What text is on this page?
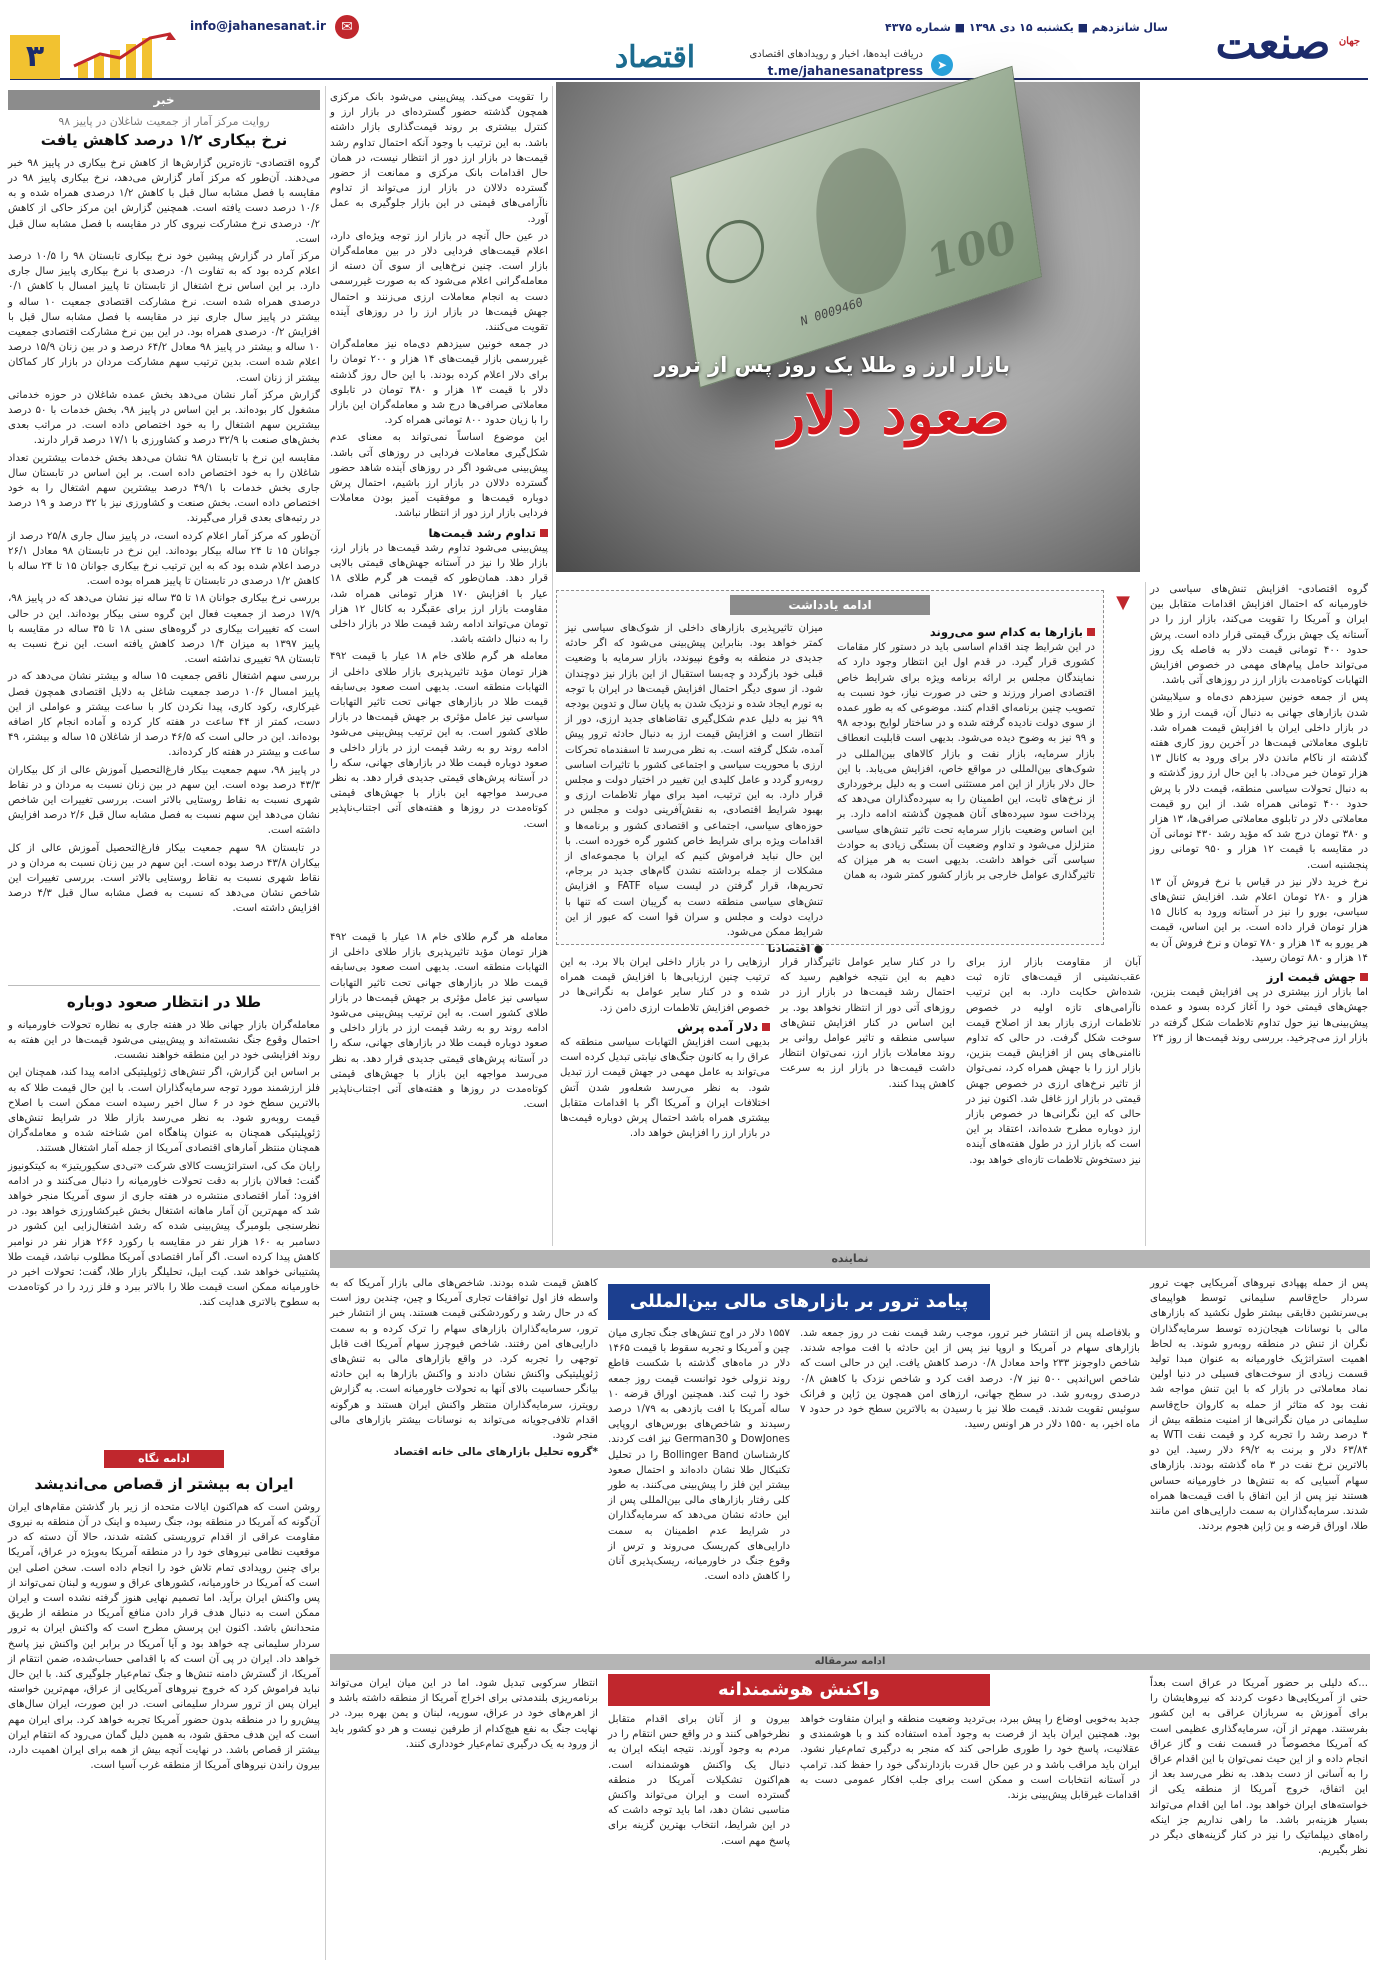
صنعت جهان
سال شانزدهم ■ یکشنبه ۱۵ دی ۱۳۹۸ ■ شماره ۴۳۷۵
اقتصاد	دریافت ایده‌ها، اخبار و رویدادهای اقتصادی
t.me/jahanesanatpress	➤
info@jahanesanat.ir	✉
۳
0009460 N
100
بازار ارز و طلا یک روز پس از ترور
صعود دلار

گروه اقتصادی- افزایش تنش‌های سیاسی در خاورمیانه که احتمال افزایش اقدامات متقابل بین ایران و آمریکا را تقویت می‌کند، بازار ارز را در آستانه یک جهش بزرگ قیمتی قرار داده است. پرش حدود ۴۰۰ تومانی قیمت دلار به فاصله یک روز می‌تواند حامل پیام‌های مهمی در خصوص افزایش التهابات کوتاه‌مدت بازار ارز در روزهای آتی باشد.

پس از جمعه خونین سیزدهم دی‌ماه و سیلابیشن شدن بازارهای جهانی به دنبال آن، قیمت ارز و طلا در بازار داخلی ایران با افزایش قیمت همراه شد. تابلوی معاملاتی قیمت‌ها در آخرین روز کاری هفته گذشته از ناکام ماندن دلار برای ورود به کانال ۱۳ هزار تومان خبر می‌داد. با این حال ارز روز گذشته و به دنبال تحولات سیاسی منطقه، قیمت دلار با پرش حدود ۴۰۰ تومانی همراه شد. از این رو قیمت معاملاتی دلار در تابلوی معاملاتی صرافی‌ها، ۱۳ هزار و ۳۸۰ تومان درج شد که مؤید رشد ۴۳۰ تومانی آن در مقایسه با قیمت ۱۲ هزار و ۹۵۰ تومانی روز پنجشنبه است.

نرخ خرید دلار نیز در قیاس با نرخ فروش آن ۱۳ هزار و ۲۸۰ تومان اعلام شد. افزایش تنش‌های سیاسی، بورو را نیز در آستانه ورود به کانال ۱۵ هزار تومان قرار داده است. بر این اساس، قیمت هر یورو به ۱۴ هزار و ۷۸۰ تومان و نرخ فروش آن به ۱۴ هزار و ۸۸۰ تومان رسید.

جهش قیمت ارز

اما بازار ارز بیشتری در پی افزایش قیمت بنزین، جهش‌های قیمتی خود را آغاز کرده بسود و عمده پیش‌بینی‌ها نیز حول تداوم تلاطمات شکل گرفته در بازار ارز می‌چرخید. بررسی روند قیمت‌ها از روز ۲۴

را تقویت می‌کند. پیش‌بینی می‌شود بانک مرکزی همچون گذشته حضور گسترده‌ای در بازار ارز و کنترل بیشتری بر روند قیمت‌گذاری بازار داشته باشد. به این ترتیب با وجود آنکه احتمال تداوم رشد قیمت‌ها در بازار ارز دور از انتظار نیست، در همان حال اقدامات بانک مرکزی و ممانعت از حضور گسترده دلالان در بازار ارز می‌تواند از تداوم ناآرامی‌های قیمتی در این بازار جلوگیری به عمل آورد.

در عین حال آنچه در بازار ارز توجه ویژه‌ای دارد، اعلام قیمت‌های فردایی دلار در بین معامله‌گران بازار است. چنین نرخ‌هایی از سوی آن دسته از معامله‌گرانی اعلام می‌شود که به صورت غیررسمی دست به انجام معاملات ارزی می‌زنند و احتمال جهش قیمت‌ها در بازار ارز را در روزهای آینده تقویت می‌کنند.

در جمعه خونین سیزدهم دی‌ماه نیز معامله‌گران غیررسمی بازار قیمت‌های ۱۴ هزار و ۲۰۰ تومان را برای دلار اعلام کرده بودند. با این حال روز گذشته دلار با قیمت ۱۳ هزار و ۳۸۰ تومان در تابلوی معاملاتی صرافی‌ها درج شد و معامله‌گران این بازار را با زیان حدود ۸۰۰ تومانی همراه کرد.

این موضوع اساساً نمی‌تواند به معنای عدم شکل‌گیری معاملات فردایی در روزهای آتی باشد. پیش‌بینی می‌شود اگر در روزهای آینده شاهد حضور گسترده دلالان در بازار ارز باشیم، احتمال پرش دوباره قیمت‌ها و موفقیت آمیز بودن معاملات فردایی بازار ارز دور از انتظار نباشد.

تداوم رشد قیمت‌ها

پیش‌بینی می‌شود تداوم رشد قیمت‌ها در بازار ارز، بازار طلا را نیز در آستانه جهش‌های قیمتی بالایی قرار دهد. همان‌طور که قیمت هر گرم طلای ۱۸ عیار با افزایش ۱۷۰ هزار تومانی همراه شد، مقاومت بازار ارز برای عقبگرد به کانال ۱۲ هزار تومان می‌تواند ادامه رشد قیمت طلا در بازار داخلی را به دنبال داشته باشد.

معامله هر گرم طلای خام ۱۸ عیار با قیمت ۴۹۲ هزار تومان مؤید تاثیرپذیری بازار طلای داخلی از التهابات منطقه است. بدیهی است صعود بی‌سابقه قیمت طلا در بازارهای جهانی تحت تاثیر التهابات سیاسی نیز عامل مؤثری بر جهش قیمت‌ها در بازار طلای کشور است. به این ترتیب پیش‌بینی می‌شود ادامه روند رو به رشد قیمت ارز در بازار داخلی و صعود دوباره قیمت طلا در بازارهای جهانی، سکه را در آستانه پرش‌های قیمتی جدیدی قرار دهد. به نظر می‌رسد مواجهه این بازار با جهش‌های قیمتی کوتاه‌مدت در روزها و هفته‌های آتی اجتناب‌ناپذیر است.

▼
ادامه یادداشت
بازارها به کدام سو می‌روند

در این شرایط چند اقدام اساسی باید در دستور کار مقامات کشوری قرار گیرد. در قدم اول این انتظار وجود دارد که نمایندگان مجلس بر ارائه برنامه ویژه برای شرایط خاص اقتصادی اصرار ورزند و حتی در صورت نیاز، خود نسبت به تصویب چنین برنامه‌ای اقدام کنند. موضوعی که به طور عمده از سوی دولت نادیده گرفته شده و در ساختار لوایح بودجه ۹۸ و ۹۹ نیز به وضوح دیده می‌شود. بدیهی است قابلیت انعطاف بازار سرمایه، بازار نفت و بازار کالاهای بین‌المللی در شوک‌های بین‌المللی در مواقع خاص، افزایش می‌یابد. با این حال دلار بازار از این امر مستثنی است و به دلیل برخورداری از نرخ‌های ثابت، این اطمینان را به سپرده‌گذاران می‌دهد که پرداخت سود سپرده‌های آنان همچون گذشته ادامه دارد. بر این اساس وضعیت بازار سرمایه تحت تاثیر تنش‌های سیاسی متزلزل می‌شود و تداوم وضعیت آن بستگی زیادی به حوادث سیاسی آتی خواهد داشت. بدیهی است به هر میزان که تاثیرگذاری عوامل خارجی بر بازار کشور کمتر شود، به همان

میزان تاثیرپذیری بازارهای داخلی از شوک‌های سیاسی نیز کمتر خواهد بود. بنابراین پیش‌بینی می‌شود که اگر حادثه جدیدی در منطقه به وقوع نپیوندد، بازار سرمایه با وضعیت قبلی خود بازگردد و چه‌بسا استقبال از این بازار نیز دوچندان شود. از سوی دیگر احتمال افزایش قیمت‌ها در ایران با توجه به تورم ایجاد شده و نزدیک شدن به پایان سال و تدوین بودجه ۹۹ نیز به دلیل عدم شکل‌گیری تقاضاهای جدید ارزی، دور از انتظار است و افزایش قیمت ارز به دنبال حادثه ترور پیش آمده، شکل گرفته است. به نظر می‌رسد تا اسفندماه تحرکات ارزی با محوریت سیاسی و اجتماعی کشور با تاثیرات اساسی روبه‌رو گردد و عامل کلیدی این تغییر در اختیار دولت و مجلس قرار دارد. به این ترتیب، امید برای مهار تلاطمات ارزی و بهبود شرایط اقتصادی، به نقش‌آفرینی دولت و مجلس در حوزه‌های سیاسی، اجتماعی و اقتصادی کشور و برنامه‌ها و اقدامات ویژه برای شرایط خاص کشور گره خورده است. با این حال نباید فراموش کنیم که ایران با مجموعه‌ای از مشکلات از جمله برداشته نشدن گام‌های جدید در برجام، تحریم‌ها، قرار گرفتن در لیست سیاه FATF و افزایش تنش‌های سیاسی منطقه دست به گریبان است که تنها با درایت دولت و مجلس و سران قوا است که عبور از این شرایط ممکن می‌شود.

● اقتصادنا

آبان از مقاومت بازار ارز برای عقب‌نشینی از قیمت‌های تازه ثبت شده‌اش حکایت دارد. به این ترتیب ناآرامی‌های تازه اولیه در خصوص تلاطمات ارزی بازار بعد از اصلاح قیمت سوخت شکل گرفت. در حالی که تداوم ناامنی‌های پس از افزایش قیمت بنزین، بازار ارز را با جهش همراه کرد، نمی‌توان از تاثیر نرخ‌های ارزی در خصوص جهش قیمتی در بازار ارز غافل شد. اکنون نیز در حالی که این نگرانی‌ها در خصوص بازار ارز دوباره مطرح شده‌اند، اعتقاد بر این است که بازار ارز در طول هفته‌های آینده نیز دستخوش تلاطمات تازه‌ای خواهد بود.

را در کنار سایر عوامل تاثیرگذار قرار دهیم به این نتیجه خواهیم رسید که احتمال رشد قیمت‌ها در بازار ارز در روزهای آتی دور از انتظار نخواهد بود. بر این اساس در کنار افزایش تنش‌های سیاسی منطقه و تاثیر عوامل روانی بر روند معاملات بازار ارز، نمی‌توان انتظار داشت قیمت‌ها در بازار ارز به سرعت کاهش پیدا کنند.

ارزهایی را در بازار داخلی ایران بالا برد. به این ترتیب چنین ارزیابی‌ها با افزایش قیمت همراه شده و در کنار سایر عوامل به نگرانی‌ها در خصوص افزایش تلاطمات ارزی دامن زد.

دلار آمده پرش

بدیهی است افزایش التهابات سیاسی منطقه که عراق را به کانون جنگ‌های نیابتی تبدیل کرده است می‌تواند به عامل مهمی در جهش قیمت ارز تبدیل شود. به نظر می‌رسد شعله‌ور شدن آتش اختلافات ایران و آمریکا اگر با اقدامات متقابل بیشتری همراه باشد احتمال پرش دوباره قیمت‌ها در بازار ارز را افزایش خواهد داد.

معامله هر گرم طلای خام ۱۸ عیار با قیمت ۴۹۲ هزار تومان مؤید تاثیرپذیری بازار طلای داخلی از التهابات منطقه است. بدیهی است صعود بی‌سابقه قیمت طلا در بازارهای جهانی تحت تاثیر التهابات سیاسی نیز عامل مؤثری بر جهش قیمت‌ها در بازار طلای کشور است. به این ترتیب پیش‌بینی می‌شود ادامه روند رو به رشد قیمت ارز در بازار داخلی و صعود دوباره قیمت طلا در بازارهای جهانی، سکه را در آستانه پرش‌های قیمتی جدیدی قرار دهد. به نظر می‌رسد مواجهه این بازار با جهش‌های قیمتی کوتاه‌مدت در روزها و هفته‌های آتی اجتناب‌ناپذیر است.

خبر
روایت مرکز آمار از جمعیت شاغلان در پاییز ۹۸
نرخ بیکاری ۱/۲ درصد کاهش یافت

گروه اقتصادی- تازه‌ترین گزارش‌ها از کاهش نرخ بیکاری در پاییز ۹۸ خبر می‌دهند. آن‌طور که مرکز آمار گزارش می‌دهد، نرخ بیکاری پاییز ۹۸ در مقایسه با فصل مشابه سال قبل با کاهش ۱/۲ درصدی همراه شده و به ۱۰/۶ درصد دست یافته است. همچنین گزارش این مرکز حاکی از کاهش ۰/۲ درصدی نرخ مشارکت نیروی کار در مقایسه با فصل مشابه سال قبل است.

مرکز آمار در گزارش پیشین خود نرخ بیکاری تابستان ۹۸ را ۱۰/۵ درصد اعلام کرده بود که به تفاوت ۰/۱ درصدی با نرخ بیکاری پاییز سال جاری دارد. بر این اساس نرخ اشتغال از تابستان تا پاییز امسال با کاهش ۰/۱ درصدی همراه شده است. نرخ مشارکت اقتصادی جمعیت ۱۰ ساله و بیشتر در پاییز سال جاری نیز در مقایسه با فصل مشابه سال قبل با افزایش ۰/۲ درصدی همراه بود. در این بین نرخ مشارکت اقتصادی جمعیت ۱۰ ساله و بیشتر در پاییز ۹۸ معادل ۶۴/۲ درصد و در بین زنان ۱۵/۹ درصد اعلام شده است. بدین ترتیب سهم مشارکت مردان در بازار کار کماکان بیشتر از زنان است.

گزارش مرکز آمار نشان می‌دهد بخش عمده شاغلان در حوزه خدماتی مشغول کار بوده‌اند. بر این اساس در پاییز ۹۸، بخش خدمات با ۵۰ درصد بیشترین سهم اشتغال را به خود اختصاص داده است. در مراتب بعدی بخش‌های صنعت با ۳۲/۹ درصد و کشاورزی با ۱۷/۱ درصد قرار دارند.

مقایسه این نرخ با تابستان ۹۸ نشان می‌دهد بخش خدمات بیشترین تعداد شاغلان را به خود اختصاص داده است. بر این اساس در تابستان سال جاری بخش خدمات با ۴۹/۱ درصد بیشترین سهم اشتغال را به خود اختصاص داده است. بخش صنعت و کشاورزی نیز با ۳۲ درصد و ۱۹ درصد در رتبه‌های بعدی قرار می‌گیرند.

آن‌طور که مرکز آمار اعلام کرده است، در پاییز سال جاری ۲۵/۸ درصد از جوانان ۱۵ تا ۲۴ ساله بیکار بوده‌اند. این نرخ در تابستان ۹۸ معادل ۲۶/۱ درصد اعلام شده بود که به این ترتیب نرخ بیکاری جوانان ۱۵ تا ۲۴ ساله با کاهش ۱/۲ درصدی در تابستان تا پاییز همراه بوده است.

بررسی نرخ بیکاری جوانان ۱۸ تا ۳۵ ساله نیز نشان می‌دهد که در پاییز ۹۸، ۱۷/۹ درصد از جمعیت فعال این گروه سنی بیکار بوده‌اند. این در حالی است که تغییرات بیکاری در گروه‌های سنی ۱۸ تا ۳۵ ساله در مقایسه با پاییز ۱۳۹۷ به میزان ۱/۴ درصد کاهش یافته است. این نرخ نسبت به تابستان ۹۸ تغییری نداشته است.

بررسی سهم اشتغال ناقص جمعیت ۱۵ ساله و بیشتر نشان می‌دهد که در پاییز امسال ۱۰/۶ درصد جمعیت شاغل به دلایل اقتصادی همچون فصل غیرکاری، رکود کاری، پیدا نکردن کار با ساعت بیشتر و عواملی از این دست، کمتر از ۴۴ ساعت در هفته کار کرده و آماده انجام کار اضافه بوده‌اند. این در حالی است که ۴۶/۵ درصد از شاغلان ۱۵ ساله و بیشتر، ۴۹ ساعت و بیشتر در هفته کار کرده‌اند.

در پاییز ۹۸، سهم جمعیت بیکار فارغ‌التحصیل آموزش عالی از کل بیکاران ۴۳/۳ درصد بوده است. این سهم در بین زنان نسبت به مردان و در نقاط شهری نسبت به نقاط روستایی بالاتر است. بررسی تغییرات این شاخص نشان می‌دهد این سهم نسبت به فصل مشابه سال قبل ۲/۶ درصد افزایش داشته است.

در تابستان ۹۸ سهم جمعیت بیکار فارغ‌التحصیل آموزش عالی از کل بیکاران ۴۳/۸ درصد بوده است. این سهم در بین زنان نسبت به مردان و در نقاط شهری نسبت به نقاط روستایی بالاتر است. بررسی تغییرات این شاخص نشان می‌دهد که نسبت به فصل مشابه سال قبل ۴/۳ درصد افزایش داشته است.

طلا در انتظار صعود دوباره

معامله‌گران بازار جهانی طلا در هفته جاری به نظاره تحولات خاورمیانه و احتمال وقوع جنگ نشسته‌اند و پیش‌بینی می‌شود قیمت‌ها در این هفته به روند افزایشی خود در این منطقه خواهند نشست.

بر اساس این گزارش، اگر تنش‌های ژئوپلیتیکی ادامه پیدا کند، همچنان این فلز ارزشمند مورد توجه سرمایه‌گذاران است. با این حال قیمت طلا که به بالاترین سطح خود در ۶ سال اخیر رسیده است ممکن است با اصلاح قیمت روبه‌رو شود. به نظر می‌رسد بازار طلا در شرایط تنش‌های ژئوپلیتیکی همچنان به عنوان پناهگاه امن شناخته شده و معامله‌گران همچنان منتظر آمارهای اقتصادی آمریکا از جمله آمار اشتغال هستند.

رایان مک کی، استراتژیست کالای شرکت «تی‌دی سکیوریتیز» به کیتکونیوز گفت: فعالان بازار به دقت تحولات خاورمیانه را دنبال می‌کنند و در ادامه افزود: آمار اقتصادی منتشره در هفته جاری از سوی آمریکا منجر خواهد شد که مهم‌ترین آن آمار ماهانه اشتغال بخش غیرکشاورزی خواهد بود. در نظرسنجی بلومبرگ پیش‌بینی شده که رشد اشتغال‌زایی این کشور در دسامبر به ۱۶۰ هزار نفر در مقایسه با رکورد ۲۶۶ هزار نفر در نوامبر کاهش پیدا کرده است. اگر آمار اقتصادی آمریکا مطلوب نباشد، قیمت طلا پشتیبانی خواهد شد. کیت ابیل، تحلیلگر بازار طلا، گفت: تحولات اخیر در خاورمیانه ممکن است قیمت طلا را بالاتر ببرد و فلز زرد را در کوتاه‌مدت به سطوح بالاتری هدایت کند.

ادامه نگاه
ایران به بیشتر از قصاص می‌اندیشد

روشن است که هم‌اکنون ایالات متحده از زیر بار گذشتن مقام‌های ایران آن‌گونه که آمریکا در منطقه بود، جنگ رسیده و اینک در آن منطقه به نیروی مقاومت عراقی از اقدام تروریستی کشته شدند، حالا آن دسته که در موقعیت نظامی نیروهای خود را در منطقه آمریکا به‌ویژه در عراق، آمریکا برای چنین رویدادی تمام تلاش خود را انجام داده است. سخن اصلی این است که آمریکا در خاورمیانه، کشورهای عراق و سوریه و لبنان نمی‌تواند از پس واکنش ایران برآید. اما تصمیم نهایی هنوز گرفته نشده است و ایران ممکن است به دنبال هدف قرار دادن منافع آمریکا در منطقه از طریق متحدانش باشد. اکنون این پرسش مطرح است که واکنش ایران به ترور سردار سلیمانی چه خواهد بود و آیا آمریکا در برابر این واکنش نیز پاسخ خواهد داد. ایران در پی آن است که با اقدامی حساب‌شده، ضمن انتقام از آمریکا، از گسترش دامنه تنش‌ها و جنگ تمام‌عیار جلوگیری کند. با این حال نباید فراموش کرد که خروج نیروهای آمریکایی از عراق، مهم‌ترین خواسته ایران پس از ترور سردار سلیمانی است. در این صورت، ایران سال‌های پیش‌رو را در منطقه بدون حضور آمریکا تجربه خواهد کرد. برای ایران مهم است که این هدف محقق شود، به همین دلیل گمان می‌رود که انتقام ایران بیشتر از قصاص باشد. در نهایت آنچه بیش از همه برای ایران اهمیت دارد، بیرون راندن نیروهای آمریکا از منطقه غرب آسیا است.

نماینده
پیامد ترور بر بازارهای مالی بین‌المللی

پس از حمله پهپادی نیروهای آمریکایی جهت ترور سردار حاج‌قاسم سلیمانی توسط هواپیمای بی‌سرنشین دقایقی بیشتر طول نکشید که بازارهای مالی با نوسانات هیجان‌زده توسط سرمایه‌گذاران نگران از تنش در منطقه روبه‌رو شوند. به لحاظ اهمیت استراتژیک خاورمیانه به عنوان مبدا تولید قسمت زیادی از سوخت‌های فسیلی در دنیا اولین نماد معاملاتی در بازار که با این تنش مواجه شد نفت بود که متاثر از حمله به کاروان حاج‌قاسم سلیمانی در میان نگرانی‌ها از امنیت منطقه بیش از ۴ درصد رشد را تجربه کرد و قیمت نفت WTI به ۶۳/۸۴ دلار و برنت به ۶۹/۲ دلار رسید. این دو بالاترین نرخ نفت در ۳ ماه گذشته بودند. بازارهای سهام آسیایی که به تنش‌ها در خاورمیانه حساس هستند نیز پس از این اتفاق با افت قیمت‌ها همراه شدند. سرمایه‌گذاران به سمت دارایی‌های امن مانند طلا، اوراق قرضه و ین ژاپن هجوم بردند.

و بلافاصله پس از انتشار خبر ترور، موجب رشد قیمت نفت در روز جمعه شد. بازارهای سهام در آمریکا و اروپا نیز پس از این حادثه با افت مواجه شدند. شاخص داوجونز ۲۳۳ واحد معادل ۰/۸ درصد کاهش یافت. این در حالی است که شاخص اس‌اندپی ۵۰۰ نیز ۰/۷ درصد افت کرد و شاخص نزدک با کاهش ۰/۸ درصدی روبه‌رو شد. در سطح جهانی، ارزهای امن همچون ین ژاپن و فرانک سوئیس تقویت شدند. قیمت طلا نیز با رسیدن به بالاترین سطح خود در حدود ۷ ماه اخیر، به ۱۵۵۰ دلار در هر اونس رسید.

۱۵۵۷ دلار در اوج تنش‌های جنگ تجاری میان چین و آمریکا و تجربه سقوط با قیمت ۱۴۶۵ دلار در ماه‌های گذشته با شکست قاطع روند نزولی خود توانست قیمت روز جمعه خود را ثبت کند. همچنین اوراق قرضه ۱۰ ساله آمریکا با افت بازدهی به ۱/۷۹ درصد رسیدند و شاخص‌های بورس‌های اروپایی DowJones و German30 نیز افت کردند. کارشناسان Bollinger Band را در تحلیل تکنیکال طلا نشان داده‌اند و احتمال صعود بیشتر این فلز را پیش‌بینی می‌کنند. به طور کلی رفتار بازارهای مالی بین‌المللی پس از این حادثه نشان می‌دهد که سرمایه‌گذاران در شرایط عدم اطمینان به سمت دارایی‌های کم‌ریسک می‌روند و ترس از وقوع جنگ در خاورمیانه، ریسک‌پذیری آنان را کاهش داده است.

کاهش قیمت شده بودند. شاخص‌های مالی بازار آمریکا که به واسطه فاز اول توافقات تجاری آمریکا و چین، چندین روز است که در حال رشد و رکوردشکنی قیمت هستند. پس از انتشار خبر ترور، سرمایه‌گذاران بازارهای سهام را ترک کرده و به سمت دارایی‌های امن رفتند. شاخص فیوچرز سهام آمریکا افت قابل توجهی را تجربه کرد. در واقع بازارهای مالی به تنش‌های ژئوپلیتیکی واکنش نشان دادند و واکنش بازارها به این حادثه بیانگر حساسیت بالای آنها به تحولات خاورمیانه است. به گزارش رویترز، سرمایه‌گذاران منتظر واکنش ایران هستند و هرگونه اقدام تلافی‌جویانه می‌تواند به نوسانات بیشتر بازارهای مالی منجر شود.

*گروه تحلیل بازارهای مالی خانه اقتصاد

ادامه سرمقاله
واکنش هوشمندانه	...که دلیلی بر حضور آمریکا در عراق است بعداً حتی از آمریکایی‌ها دعوت کردند که نیروهایشان را برای آموزش به سربازان عراقی به این کشور بفرستند. مهم‌تر از آن، سرمایه‌گذاری عظیمی است که آمریکا مخصوصاً در قسمت نفت و گاز عراق انجام داده و از این حیث نمی‌توان با این اقدام عراق را به آسانی از دست بدهد. به نظر می‌رسد بعد از این اتفاق، خروج آمریکا از منطقه یکی از خواسته‌های ایران خواهد بود. اما این اقدام می‌تواند بسیار هزینه‌بر باشد. ما راهی نداریم جز اینکه راه‌های دیپلماتیک را نیز در کنار گزینه‌های دیگر در نظر بگیریم.

جدید به‌خوبی اوضاع را پیش ببرد، بی‌تردید وضعیت منطقه و ایران متفاوت خواهد بود. همچنین ایران باید از فرصت به وجود آمده استفاده کند و با هوشمندی و عقلانیت، پاسخ خود را طوری طراحی کند که منجر به درگیری تمام‌عیار نشود. ایران باید مراقب باشد و در عین حال قدرت بازدارندگی خود را حفظ کند. ترامپ در آستانه انتخابات است و ممکن است برای جلب افکار عمومی دست به اقدامات غیرقابل پیش‌بینی بزند.

بیرون و از آنان برای اقدام متقابل نظرخواهی کنند و در واقع حس انتقام را در مردم به وجود آورند. نتیجه اینکه ایران به دنبال یک واکنش هوشمندانه است. هم‌اکنون تشکیلات آمریکا در منطقه گسترده است و ایران می‌تواند واکنش مناسبی نشان دهد، اما باید توجه داشت که در این شرایط، انتخاب بهترین گزینه برای پاسخ مهم است.

انتظار سرکوبی تبدیل شود. اما در این میان ایران می‌تواند برنامه‌ریزی بلندمدتی برای اخراج آمریکا از منطقه داشته باشد و از اهرم‌های خود در عراق، سوریه، لبنان و یمن بهره ببرد. در نهایت جنگ به نفع هیچ‌کدام از طرفین نیست و هر دو کشور باید از ورود به یک درگیری تمام‌عیار خودداری کنند.
